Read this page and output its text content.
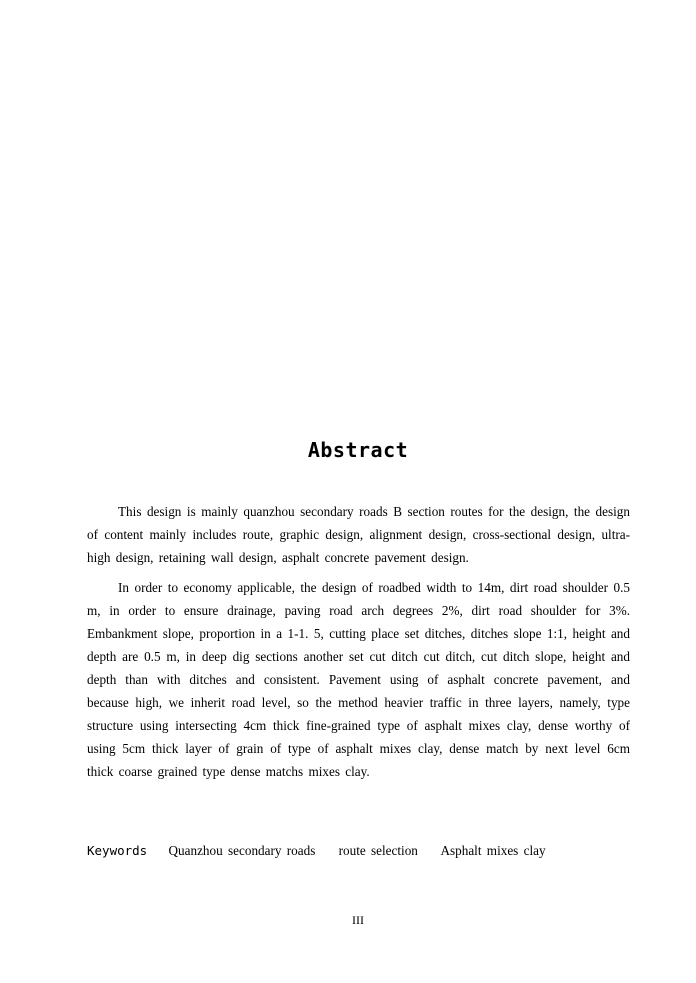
Abstract

This design is mainly quanzhou secondary roads B section routes for the design, the design of content mainly includes route, graphic design, alignment design, cross-sectional design, ultra-high design, retaining wall design, asphalt concrete pavement design.

In order to economy applicable, the design of roadbed width to 14m, dirt road shoulder 0.5 m, in order to ensure drainage, paving road arch degrees 2%, dirt road shoulder for 3%. Embankment slope, proportion in a 1-1. 5, cutting place set ditches, ditches slope 1:1, height and depth are 0.5 m, in deep dig sections another set cut ditch cut ditch, cut ditch slope, height and depth than with ditches and consistent. Pavement using of asphalt concrete pavement, and because high, we inherit road level, so the method heavier traffic in three layers, namely, type structure using intersecting 4cm thick fine-grained type of asphalt mixes clay, dense worthy of using 5cm thick layer of grain of type of asphalt mixes clay, dense match by next level 6cm thick coarse grained type dense matchs mixes clay.

Keywords Quanzhou secondary roads route selection Asphalt mixes clay
III
